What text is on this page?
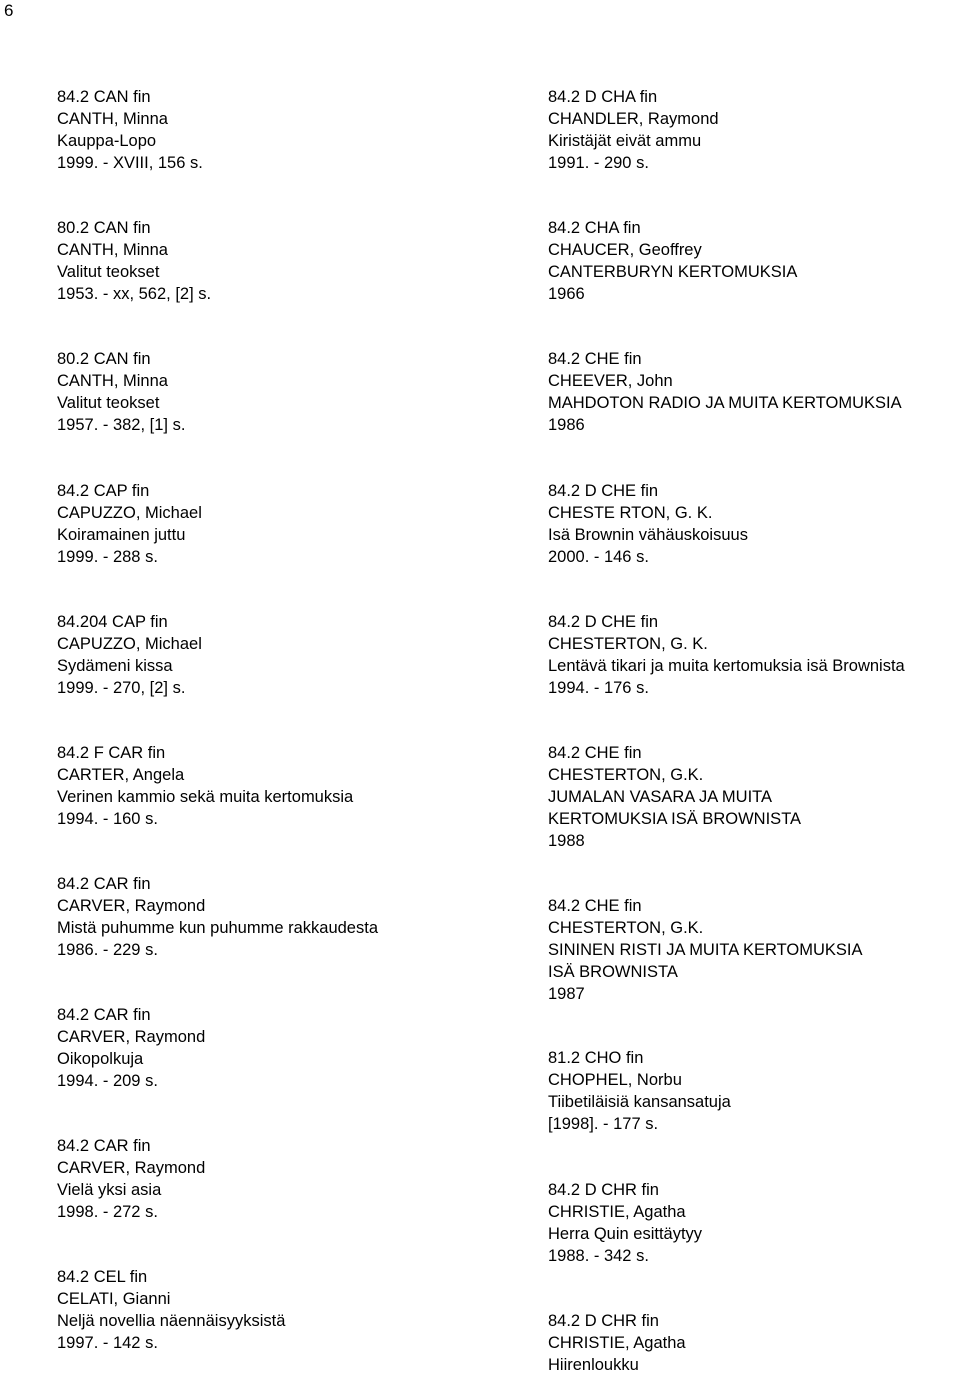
6
84.2 CAN fin
CANTH, Minna
Kauppa-Lopo
1999. - XVIII, 156 s.
80.2 CAN fin
CANTH, Minna
Valitut teokset
1953. - xx, 562, [2] s.
80.2 CAN fin
CANTH, Minna
Valitut teokset
1957. - 382, [1] s.
84.2 CAP fin
CAPUZZO, Michael
Koiramainen juttu
1999. - 288 s.
84.204 CAP fin
CAPUZZO, Michael
Sydämeni kissa
1999. - 270, [2] s.
84.2 F CAR fin
CARTER, Angela
Verinen kammio sekä muita kertomuksia
1994. - 160 s.
84.2 CAR fin
CARVER, Raymond
Mistä puhumme kun puhumme rakkaudesta
1986. - 229 s.
84.2 CAR fin
CARVER, Raymond
Oikopolkuja
1994. - 209 s.
84.2 CAR fin
CARVER, Raymond
Vielä yksi asia
1998. - 272 s.
84.2 CEL fin
CELATI, Gianni
Neljä novellia näennäisyyksistä
1997. - 142 s.
84.2 D CHA fin
CHANDLER, Raymond
Kiristäjät eivät ammu
1991. - 290 s.
84.2 CHA fin
CHAUCER, Geoffrey
CANTERBURYN KERTOMUKSIA
1966
84.2 CHE fin
CHEEVER, John
MAHDOTON RADIO JA MUITA KERTOMUKSIA
1986
84.2 D CHE fin
CHESTE RTON, G. K.
Isä Brownin vähäuskoisuus
2000. - 146 s.
84.2 D CHE fin
CHESTERTON, G. K.
Lentävä tikari ja muita kertomuksia isä Brownista
1994. - 176 s.
84.2 CHE fin
CHESTERTON, G.K.
JUMALAN VASARA JA MUITA
KERTOMUKSIA ISÄ BROWNISTA
1988
84.2 CHE fin
CHESTERTON, G.K.
SININEN RISTI JA MUITA KERTOMUKSIA
ISÄ BROWNISTA
1987
81.2 CHO fin
CHOPHEL, Norbu
Tiibetiläisiä kansansatuja
[1998]. - 177 s.
84.2 D CHR fin
CHRISTIE, Agatha
Herra Quin esittäytyy
1988. - 342 s.
84.2 D CHR fin
CHRISTIE, Agatha
Hiirenloukku
